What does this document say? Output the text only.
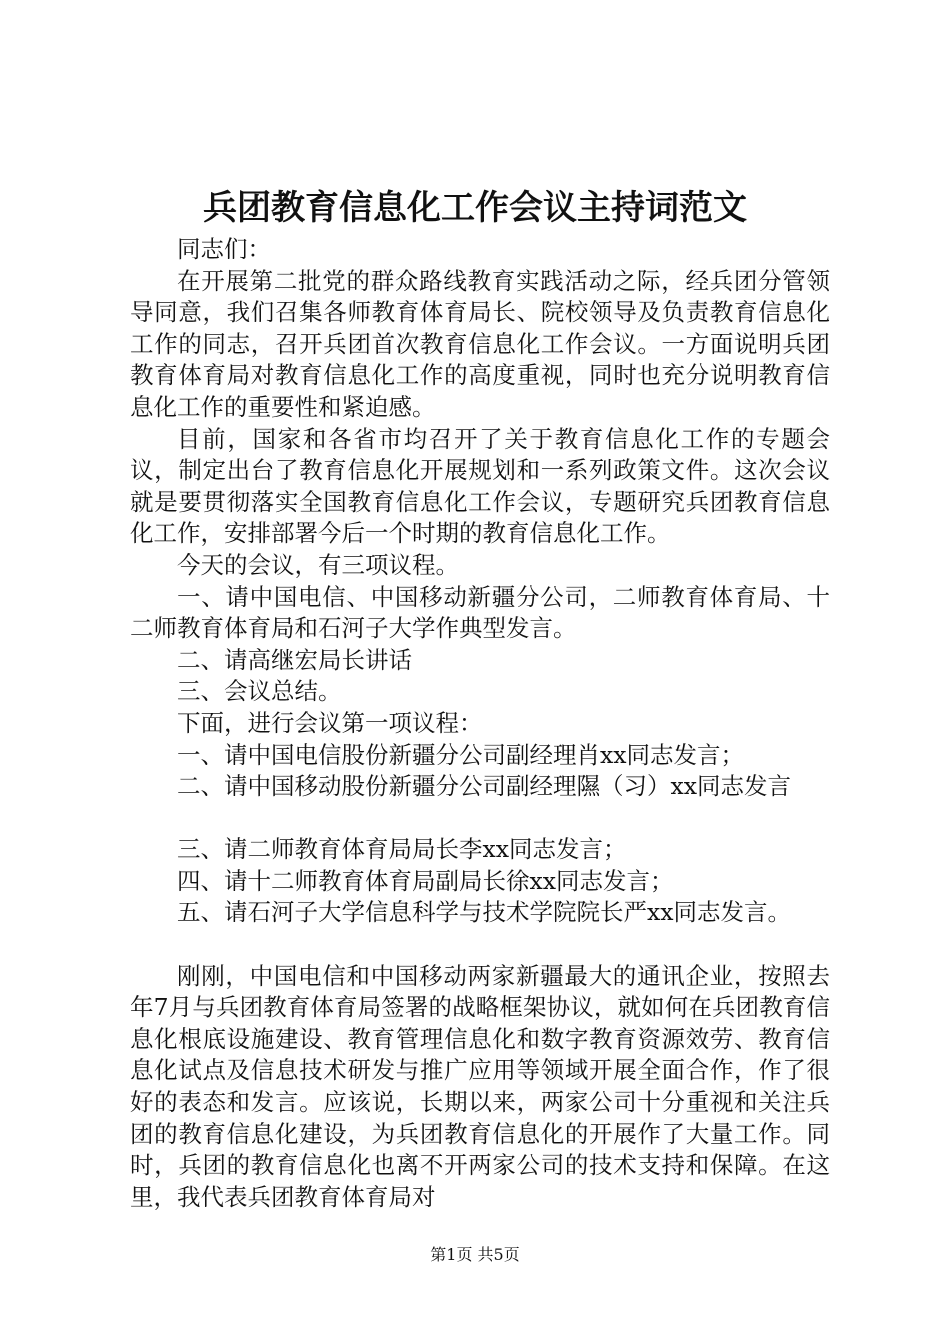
兵团教育信息化工作会议主持词范文

同志们：

在开展第二批党的群众路线教育实践活动之际，经兵团分管领导同意，我们召集各师教育体育局长、院校领导及负责教育信息化工作的同志，召开兵团首次教育信息化工作会议。一方面说明兵团教育体育局对教育信息化工作的高度重视，同时也充分说明教育信息化工作的重要性和紧迫感。

目前，国家和各省市均召开了关于教育信息化工作的专题会议，制定出台了教育信息化开展规划和一系列政策文件。这次会议就是要贯彻落实全国教育信息化工作会议，专题研究兵团教育信息化工作，安排部署今后一个时期的教育信息化工作。

今天的会议，有三项议程。

一、请中国电信、中国移动新疆分公司，二师教育体育局、十二师教育体育局和石河子大学作典型发言。

二、请高继宏局长讲话

三、会议总结。

下面，进行会议第一项议程：

一、请中国电信股份新疆分公司副经理肖xx同志发言；

二、请中国移动股份新疆分公司副经理隰（习）xx同志发言

三、请二师教育体育局局长李xx同志发言；

四、请十二师教育体育局副局长徐xx同志发言；

五、请石河子大学信息科学与技术学院院长严xx同志发言。

刚刚，中国电信和中国移动两家新疆最大的通讯企业，按照去年7月与兵团教育体育局签署的战略框架协议，就如何在兵团教育信息化根底设施建设、教育管理信息化和数字教育资源效劳、教育信息化试点及信息技术研发与推广应用等领域开展全面合作，作了很好的表态和发言。应该说，长期以来，两家公司十分重视和关注兵团的教育信息化建设，为兵团教育信息化的开展作了大量工作。同时，兵团的教育信息化也离不开两家公司的技术支持和保障。在这里，我代表兵团教育体育局对

第1页 共5页
